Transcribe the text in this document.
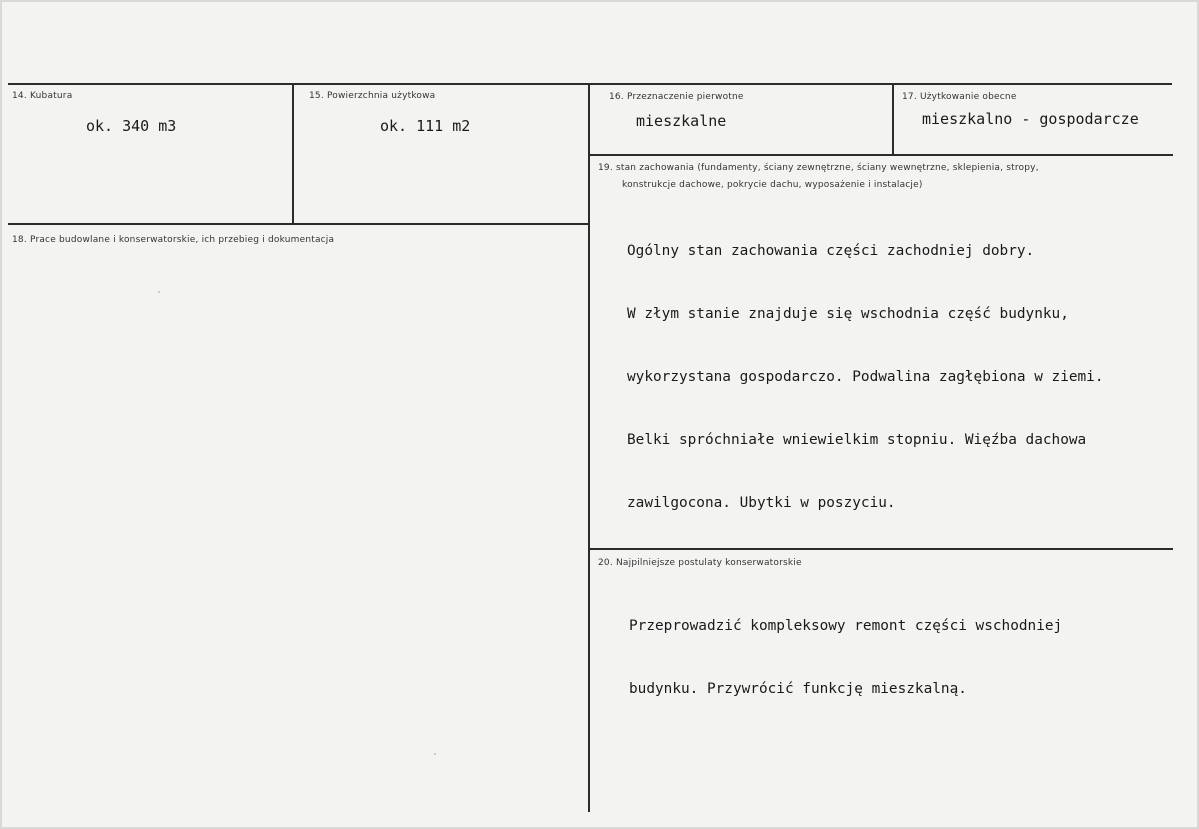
14. Kubatura
ok. 340 m3
15. Powierzchnia użytkowa
ok. 111 m2
16. Przeznaczenie pierwotne
mieszkalne
17. Użytkowanie obecne
mieszkalno - gospodarcze
18. Prace budowlane i konserwatorskie, ich przebieg i dokumentacja
19. stan zachowania (fundamenty, ściany zewnętrzne, ściany wewnętrzne, sklepienia, stropy,
konstrukcje dachowe, pokrycie dachu, wyposażenie i instalacje)

Ogólny stan zachowania części zachodniej dobry.

W złym stanie znajduje się wschodnia część budynku,

wykorzystana gospodarczo. Podwalina zagłębiona w ziemi.

Belki spróchniałe wniewielkim stopniu. Więźba dachowa

zawilgocona. Ubytki w poszyciu.

20. Najpilniejsze postulaty konserwatorskie

Przeprowadzić kompleksowy remont części wschodniej

budynku. Przywrócić funkcję mieszkalną.
